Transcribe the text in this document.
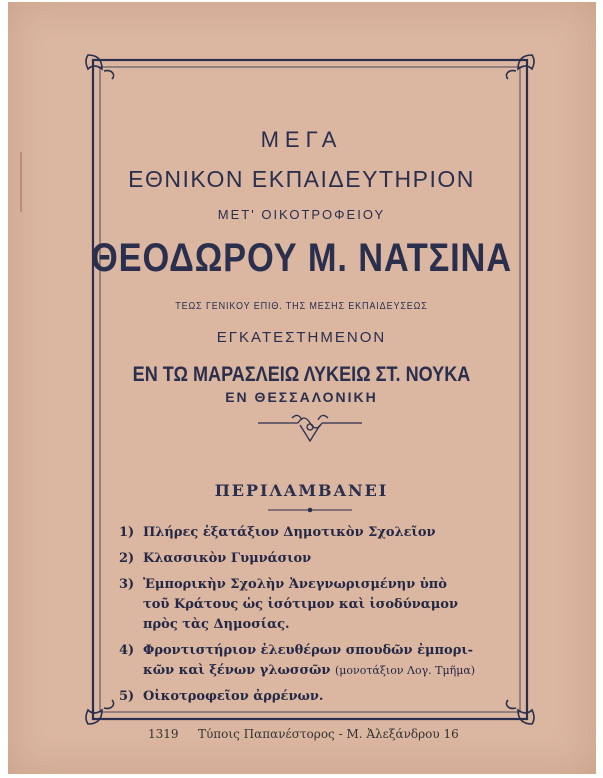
ΜΕΓΑ
ΕΘΝΙΚΟΝ ΕΚΠΑΙΔΕΥΤΗΡΙΟΝ
ΜΕΤ' ΟΙΚΟΤΡΟΦΕΙΟΥ
ΘΕΟΔΩΡΟΥ Μ. ΝΑΤΣΙΝΑ
ΤΕΩΣ ΓΕΝΙΚΟΥ ΕΠΙΘ. ΤΗΣ ΜΕΣΗΣ ΕΚΠΑΙΔΕΥΣΕΩΣ
ΕΓΚΑΤΕΣΤΗΜΕΝΟΝ
ΕΝ ΤΩ ΜΑΡΑΣΛΕΙΩ ΛΥΚΕΙΩ ΣΤ. ΝΟΥΚΑ
ΕΝ ΘΕΣΣΑΛΟΝΙΚΗ
ΠΕΡΙΛΑΜΒΑΝΕΙ
1) Πλήρες ἑξατάξιον Δημοτικὸν Σχολεῖον
2) Κλασσικὸν Γυμνάσιον
3) Ἐμπορικὴν Σχολὴν Ἀνεγνωρισμένην ὑπὸ
τοῦ Κράτους ὡς ἰσότιμον καὶ ἰσοδύναμον
πρὸς τὰς Δημοσίας.
4) Φροντιστήριον ἐλευθέρων σπουδῶν ἐμπορι-
κῶν καὶ ξένων γλωσσῶν (μονοτάξιον Λογ. Τμῆμα)
5) Οἰκοτροφεῖον ἀρρένων.
1319 Τύποις Παπανέστορος - Μ. Ἀλεξάνδρου 16
